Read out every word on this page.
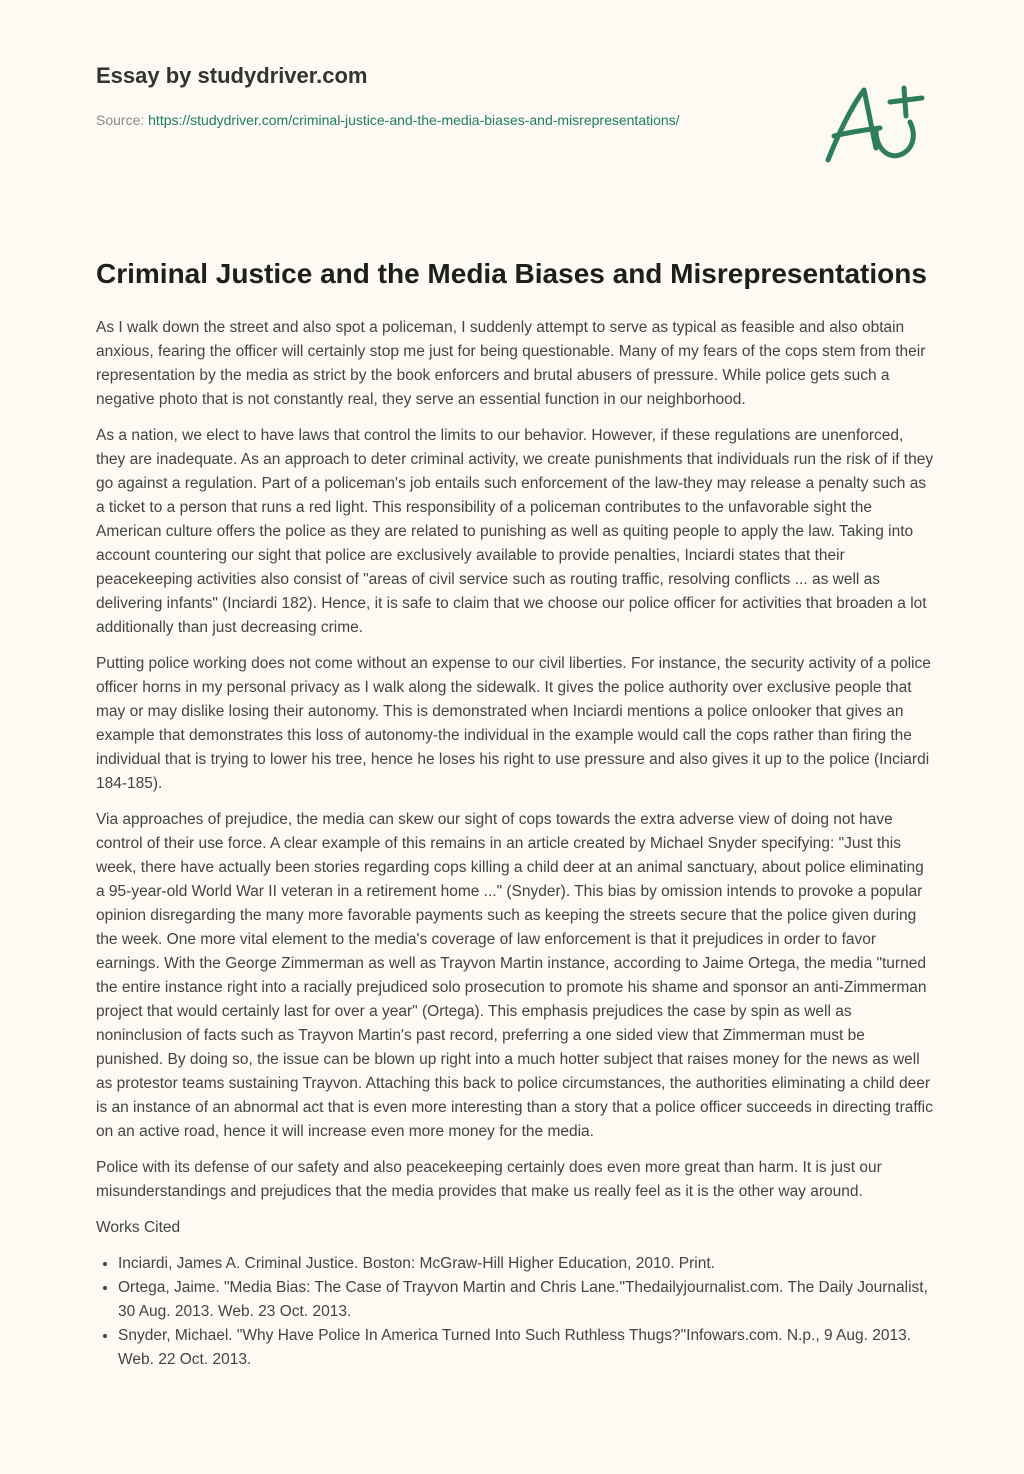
Essay by studydriver.com
Source: https://studydriver.com/criminal-justice-and-the-media-biases-and-misrepresentations/
Criminal Justice and the Media Biases and Misrepresentations

As I walk down the street and also spot a policeman, I suddenly attempt to serve as typical as feasible and also obtain anxious, fearing the officer will certainly stop me just for being questionable. Many of my fears of the cops stem from their representation by the media as strict by the book enforcers and brutal abusers of pressure. While police gets such a negative photo that is not constantly real, they serve an essential function in our neighborhood.

As a nation, we elect to have laws that control the limits to our behavior. However, if these regulations are unenforced, they are inadequate. As an approach to deter criminal activity, we create punishments that individuals run the risk of if they go against a regulation. Part of a policeman's job entails such enforcement of the law-they may release a penalty such as a ticket to a person that runs a red light. This responsibility of a policeman contributes to the unfavorable sight the American culture offers the police as they are related to punishing as well as quiting people to apply the law. Taking into account countering our sight that police are exclusively available to provide penalties, Inciardi states that their peacekeeping activities also consist of "areas of civil service such as routing traffic, resolving conflicts ... as well as delivering infants" (Inciardi 182). Hence, it is safe to claim that we choose our police officer for activities that broaden a lot additionally than just decreasing crime.

Putting police working does not come without an expense to our civil liberties. For instance, the security activity of a police officer horns in my personal privacy as I walk along the sidewalk. It gives the police authority over exclusive people that may or may dislike losing their autonomy. This is demonstrated when Inciardi mentions a police onlooker that gives an example that demonstrates this loss of autonomy-the individual in the example would call the cops rather than firing the individual that is trying to lower his tree, hence he loses his right to use pressure and also gives it up to the police (Inciardi 184-185).

Via approaches of prejudice, the media can skew our sight of cops towards the extra adverse view of doing not have control of their use force. A clear example of this remains in an article created by Michael Snyder specifying: "Just this week, there have actually been stories regarding cops killing a child deer at an animal sanctuary, about police eliminating a 95-year-old World War II veteran in a retirement home ..." (Snyder). This bias by omission intends to provoke a popular opinion disregarding the many more favorable payments such as keeping the streets secure that the police given during the week. One more vital element to the media's coverage of law enforcement is that it prejudices in order to favor earnings. With the George Zimmerman as well as Trayvon Martin instance, according to Jaime Ortega, the media "turned the entire instance right into a racially prejudiced solo prosecution to promote his shame and sponsor an anti-Zimmerman project that would certainly last for over a year" (Ortega). This emphasis prejudices the case by spin as well as noninclusion of facts such as Trayvon Martin's past record, preferring a one sided view that Zimmerman must be punished. By doing so, the issue can be blown up right into a much hotter subject that raises money for the news as well as protestor teams sustaining Trayvon. Attaching this back to police circumstances, the authorities eliminating a child deer is an instance of an abnormal act that is even more interesting than a story that a police officer succeeds in directing traffic on an active road, hence it will increase even more money for the media.

Police with its defense of our safety and also peacekeeping certainly does even more great than harm. It is just our misunderstandings and prejudices that the media provides that make us really feel as it is the other way around.

Works Cited

• Inciardi, James A. Criminal Justice. Boston: McGraw-Hill Higher Education, 2010. Print.
• Ortega, Jaime. "Media Bias: The Case of Trayvon Martin and Chris Lane."Thedailyjournalist.com. The Daily Journalist, 30 Aug. 2013. Web. 23 Oct. 2013.
• Snyder, Michael. "Why Have Police In America Turned Into Such Ruthless Thugs?"Infowars.com. N.p., 9 Aug. 2013. Web. 22 Oct. 2013.
